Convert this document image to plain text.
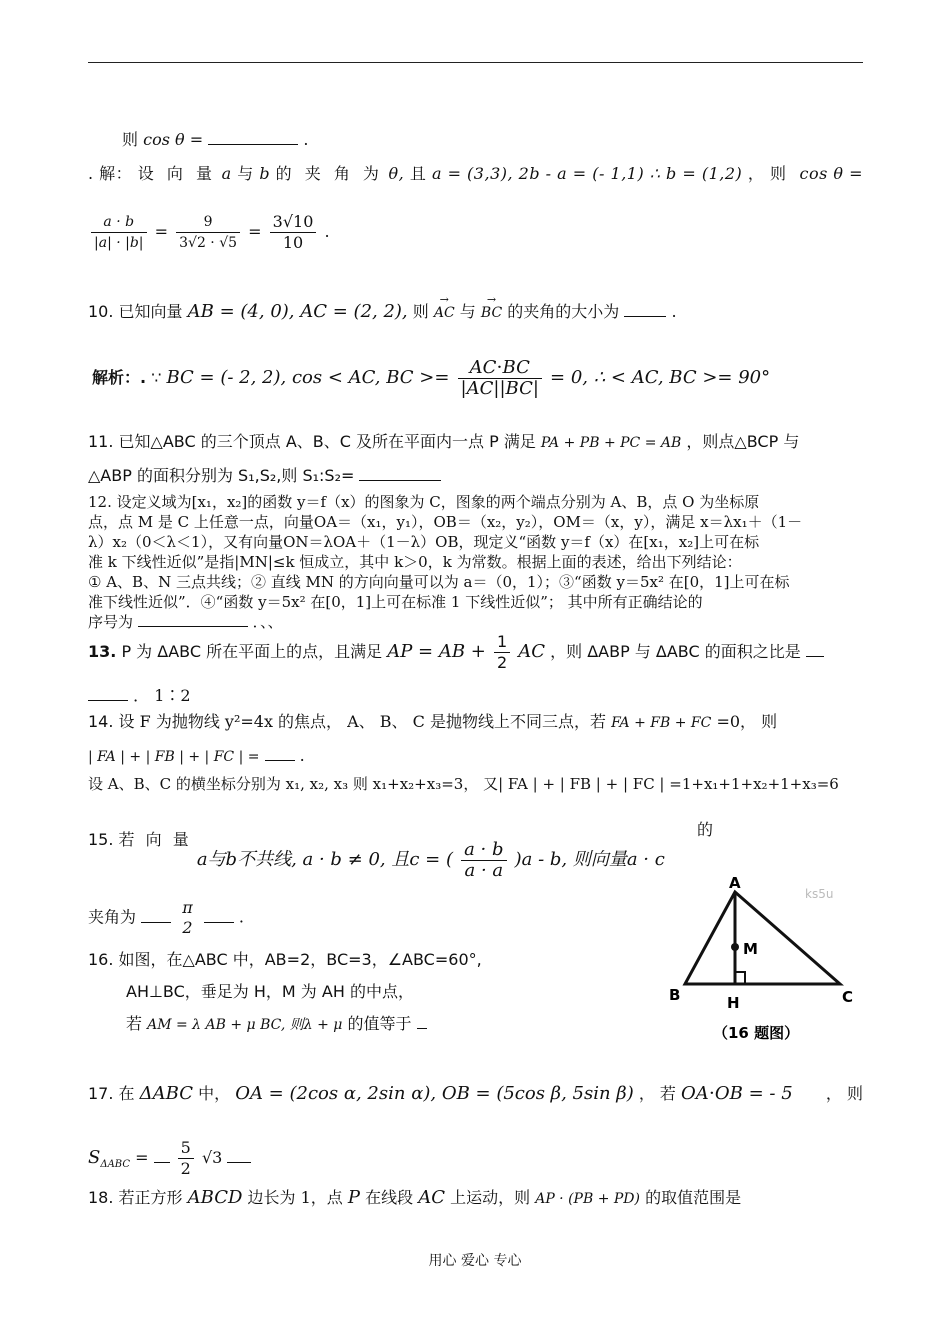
则 cos θ =	.
. 解： 设 向 量 a 与 b 的 夹 角 为 θ, 且 a = (3,3), 2b - a = (- 1,1) ∴ b = (1,2) ， 则 cos θ =
$\frac{a \cdot b}{|a| \cdot |b|} = \frac{9}{3√2 \cdot √5} = \frac{3√10}{10}$ .
10. 已知向量 AB = (4, 0), AC = (2, 2), 则 → AC 与 → BC 的夹角的大小为	.
解析：. ∵ BC = (- 2, 2), cos < AC, BC >= $\frac{AC\cdot BC}{|AC||BC|} = 0$, ∴ < AC, BC >= 90°
11. 已知△ABC 的三个顶点 A、B、C 及所在平面内一点 P 满足 PA + PB + PC = AB ，则点△BCP 与
△ABP 的面积分别为 S₁,S₂,则 S₁:S₂=
12. 设定义域为[x₁，x₂]的函数 y＝f（x）的图象为 C，图象的两个端点分别为 A、B，点 O 为坐标原
点，点 M 是 C 上任意一点，向量OA＝（x₁，y₁），OB＝（x₂，y₂），OM＝（x，y），满足 x＝λx₁＋（1－
λ）x₂（0＜λ＜1），又有向量ON＝λOA＋（1－λ）OB，现定义“函数 y＝f（x）在[x₁，x₂]上可在标
准 k 下线性近似”是指|MN|≤k 恒成立，其中 k＞0，k 为常数。根据上面的表述，给出下列结论：
① A、B、N 三点共线；② 直线 MN 的方向向量可以为 a＝（0，1）；③“函数 y＝5x² 在[0，1]上可在标
准下线性近似”．④“函数 y＝5x² 在[0，1]上可在标准 1 下线性近似”； 其中所有正确结论的
序号为	．、、
13. P 为 ΔABC 所在平面上的点，且满足 AP = AB + $\frac{1}{2}$ AC ，则 ΔABP 与 ΔABC 的面积之比是
． 1∶2
14. 设 F 为抛物线 y²=4x 的焦点， A、 B、 C 是抛物线上不同三点，若 FA + FB + FC =0， 则
| FA | + | FB | + | FC | =	.
设 A、B、C 的横坐标分别为 x₁, x₂, x₃ 则 x₁+x₂+x₃=3， 又| FA | + | FB | + | FC | =1+x₁+1+x₂+1+x₃=6
15. 若 向 量 a与b不共线, a · b ≠ 0, 且c = ( $\frac{a \cdot b}{a \cdot a} )a$ - b, 则向量a · c
的
夹角为	π
2
.
16. 如图，在△ABC 中，AB=2，BC=3，∠ABC=60°,
AH⊥BC，垂足为 H，M 为 AH 的中点，
若 AM = λ AB + μ BC, 则λ + μ 的值等于
A
B	C
H
M
ks5u
（16 题图）
17. 在 ΔABC 中， OA = (2cos α, 2sin α), OB = (5cos β, 5sin β) ， 若 OA⋅OB = - 5 ， 则
$S_{\Delta ABC} = \frac{5}{2} √3$
18. 若正方形 ABCD 边长为 1，点 P 在线段 AC 上运动，则 AP · (PB + PD) 的取值范围是
用心 爱心 专心
